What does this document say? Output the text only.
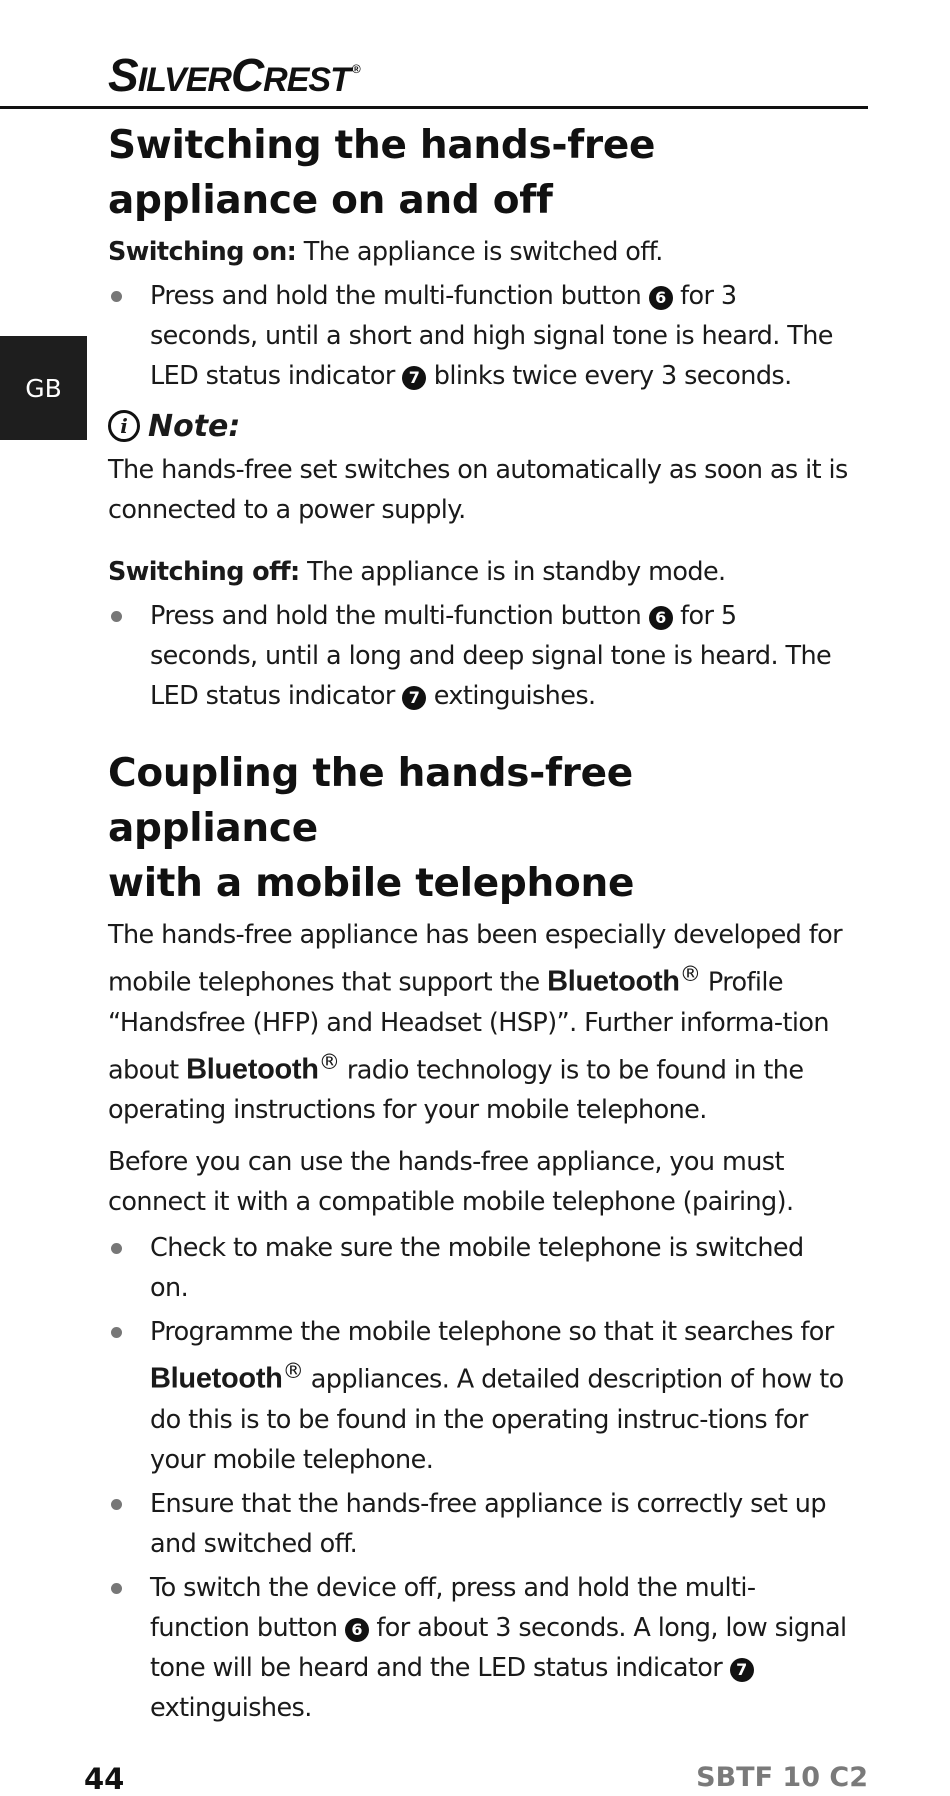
SILVERCREST ®
GB
Switching the hands-free
appliance on and off

Switching on: The appliance is switched off.

Press and hold the multi-function button 6 for 3 seconds, until a short and high signal tone is heard. The LED status indicator 7 blinks twice every 3 seconds.
i Note:

The hands-free set switches on automatically as soon as it is connected to a power supply.

Switching off: The appliance is in standby mode.

Press and hold the multi-function button 6 for 5 seconds, until a long and deep signal tone is heard. The LED status indicator 7 extinguishes.
Coupling the hands-free appliance
with a mobile telephone

The hands-free appliance has been especially developed for mobile telephones that support the Bluetooth® Profile “Handsfree (HFP) and Headset (HSP)”. Further informa-tion about Bluetooth® radio technology is to be found in the operating instructions for your mobile telephone.

Before you can use the hands-free appliance, you must connect it with a compatible mobile telephone (pairing).

Check to make sure the mobile telephone is switched on.
Programme the mobile telephone so that it searches for Bluetooth® appliances. A detailed description of how to do this is to be found in the operating instruc-tions for your mobile telephone.
Ensure that the hands-free appliance is correctly set up and switched off.
To switch the device off, press and hold the multi-function button 6 for about 3 seconds. A long, low signal tone will be heard and the LED status indicator 7 extinguishes.
44	SBTF 10 C2
